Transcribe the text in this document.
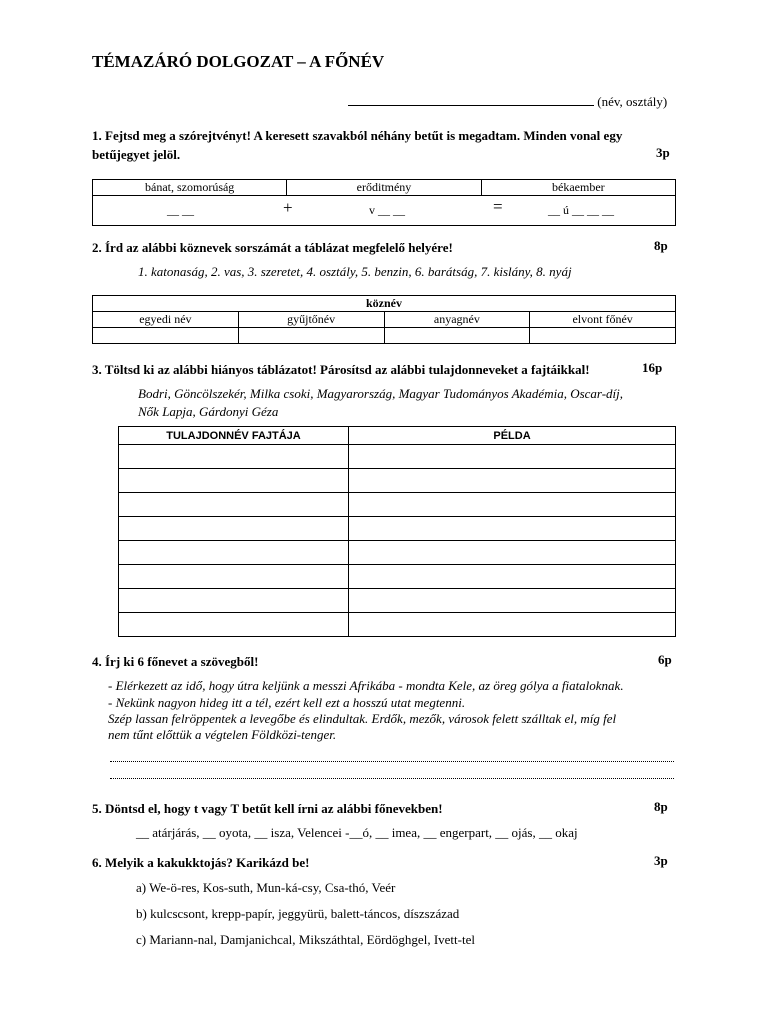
TÉMAZÁRÓ DOLGOZAT – A FŐNÉV
(név, osztály)
1. Fejtsd meg a szórejtvényt! A keresett szavakból néhány betűt is megadtam. Minden vonal egy
betűjegyet jelöl.	3p
bánat, szomorúság	erőditmény	békaember

__ __	+	v __ __	=	__ ú __ __ __
2. Írd az alábbi köznevek sorszámát a táblázat megfelelő helyére!	8p
1. katonaság, 2. vas, 3. szeretet, 4. osztály, 5. benzin, 6. barátság, 7. kislány, 8. nyáj
köznév			
egyedi név	gyűjtőnév	anyagnév	elvont főnév

3. Töltsd ki az alábbi hiányos táblázatot! Párosítsd az alábbi tulajdonneveket a fajtáikkal!	16p
Bodri, Göncölszekér, Milka csoki, Magyarország, Magyar Tudományos Akadémia, Oscar-díj,
Nők Lapja, Gárdonyi Géza
TULAJDONNÉV FAJTÁJA	PÉLDA

4. Írj ki 6 főnevet a szövegből!	6p
- Elérkezett az idő, hogy útra keljünk a messzi Afrikába - mondta Kele, az öreg gólya a fiataloknak.
- Nekünk nagyon hideg itt a tél, ezért kell ezt a hosszú utat megtenni.
Szép lassan felröppentek a levegőbe és elindultak. Erdők, mezők, városok felett szálltak el, míg fel
nem tűnt előttük a végtelen Földközi-tenger.
5. Döntsd el, hogy t vagy T betűt kell írni az alábbi főnevekben!	8p
__ atárjárás, __ oyota, __ isza, Velencei -__ó, __ imea, __ engerpart, __ ojás, __ okaj
6. Melyik a kakukktojás? Karikázd be!	3p
a) We-ö-res, Kos-suth, Mun-ká-csy, Csa-thó, Veér
b) kulcscsont, krepp-papír, jeggyürü, balett-táncos, díszszázad
c) Mariann-nal, Damjanichcal, Mikszáthtal, Eördöghgel, Ivett-tel
